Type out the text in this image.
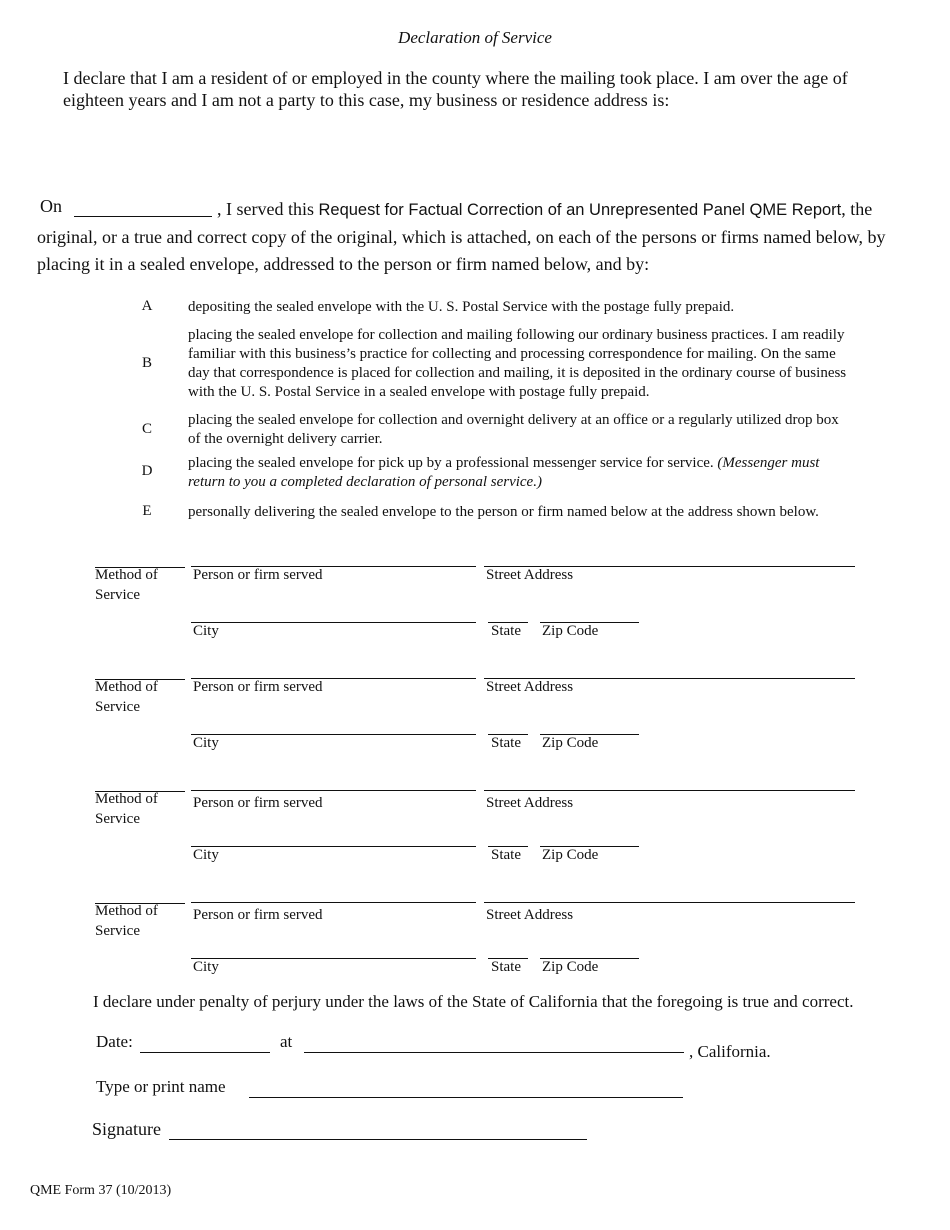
Declaration of Service
I declare that I am a resident of or employed in the county where the mailing took place. I am over the age of eighteen years and I am not a party to this case, my business or residence address is:
On	, I served this Request for Factual Correction of an Unrepresented Panel QME Report, the original, or a true and correct copy of the original, which is attached, on each of the persons or firms named below, by placing it in a sealed envelope, addressed to the person or firm named below, and by:
A depositing the sealed envelope with the U. S. Postal Service with the postage fully prepaid.
B
placing the sealed envelope for collection and mailing following our ordinary business practices. I am readily familiar with this business’s practice for collecting and processing correspondence for mailing. On the same day that correspondence is placed for collection and mailing, it is deposited in the ordinary course of business with the U. S. Postal Service in a sealed envelope with postage fully prepaid.
C
placing the sealed envelope for collection and overnight delivery at an office or a regularly utilized drop box of the overnight delivery carrier.
D placing the sealed envelope for pick up by a professional messenger service for service. (Messenger must return to you a completed declaration of personal service.)
E personally delivering the sealed envelope to the person or firm named below at the address shown below.
Method of
Service
Person or firm served	Street Address
City	State Zip Code
Method of
Service
Person or firm served	Street Address
City	State Zip Code
Method of
Service
Person or firm served	Street Address
City	State Zip Code
Method of
Service
Person or firm served	Street Address
City	State Zip Code
I declare under penalty of perjury under the laws of the State of California that the foregoing is true and correct.
Date:	at
, California.
Type or print name
Signature
QME Form 37 (10/2013)
